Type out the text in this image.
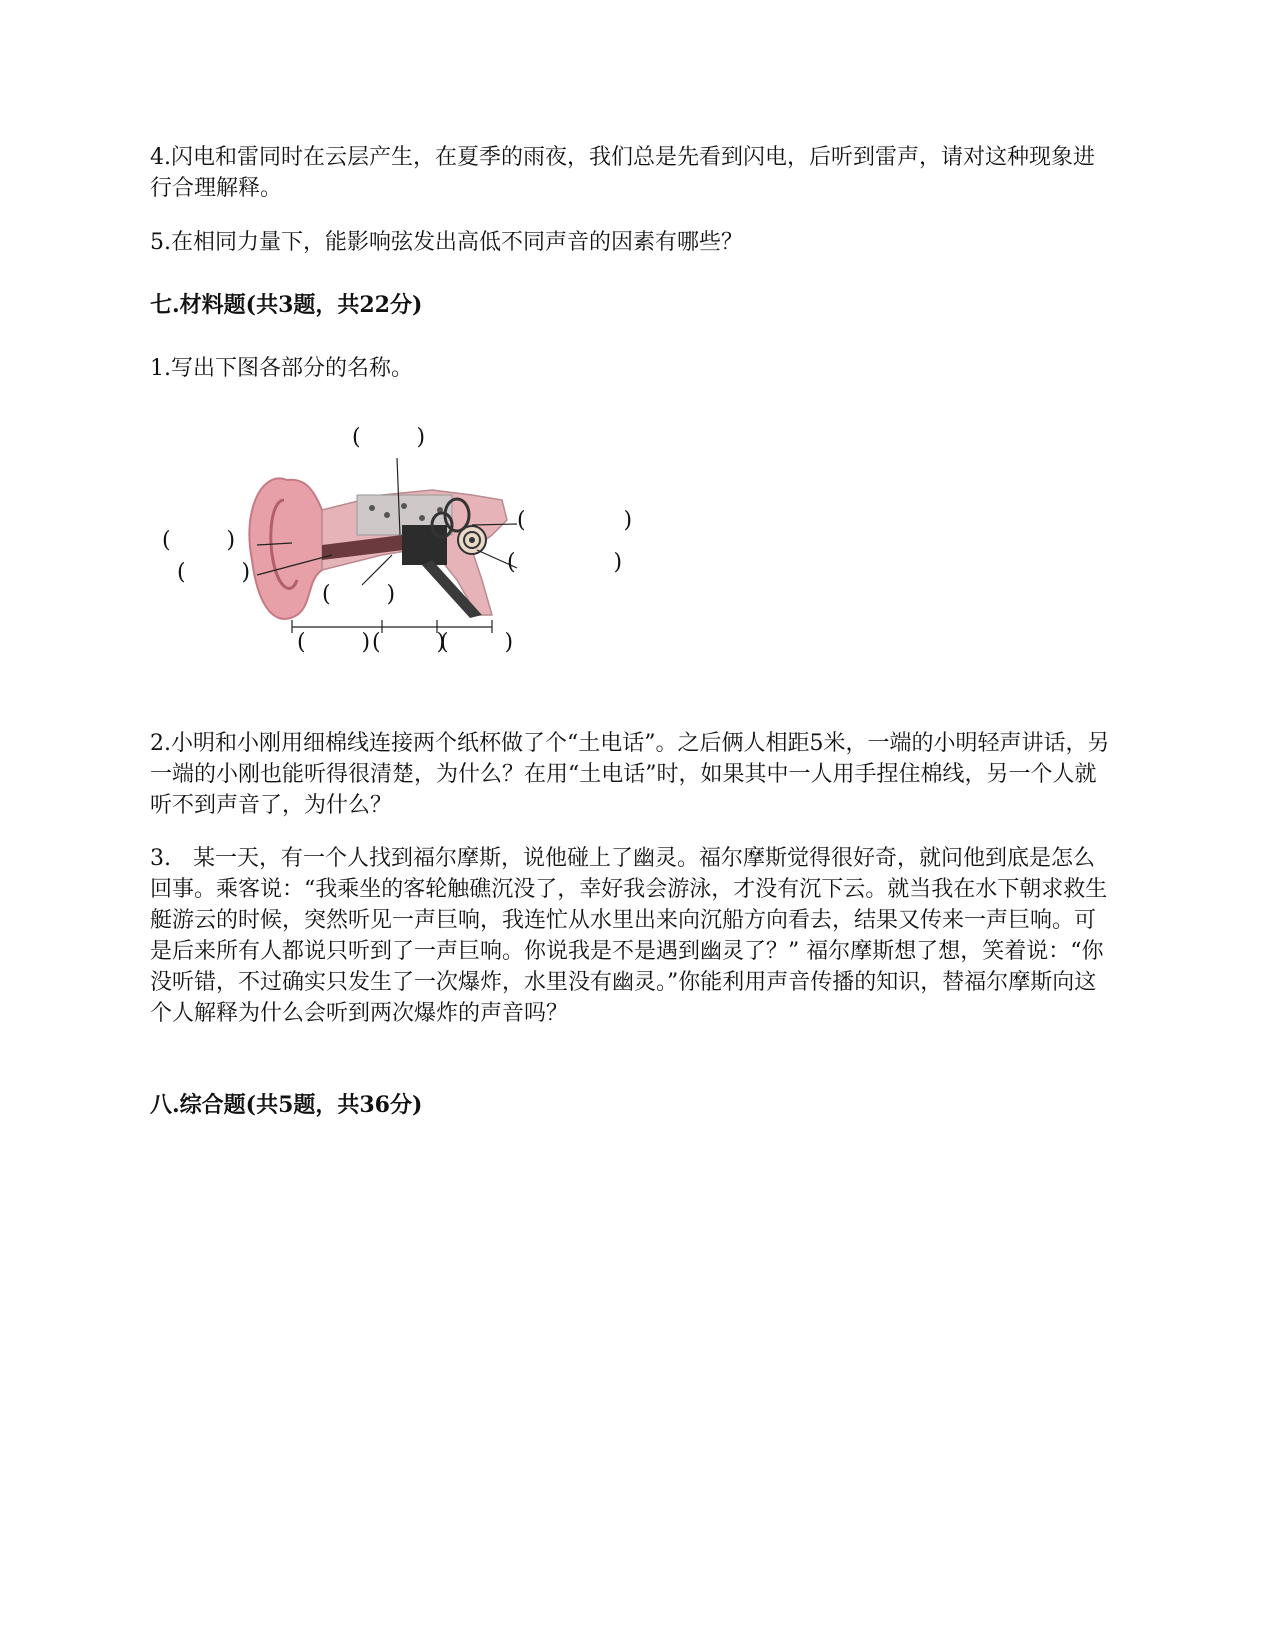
4.闪电和雷同时在云层产生，在夏季的雨夜，我们总是先看到闪电，后听到雷声，请对这种现象进行合理解释。

5.在相同力量下，能影响弦发出高低不同声音的因素有哪些？

七.材料题(共3题，共22分)

1.写出下图各部分的名称。

(        )
(        )
(        )
(              )
(              )
(        )
(        ) (        )
(        )

2.小明和小刚用细棉线连接两个纸杯做了个“土电话”。之后俩人相距5米，一端的小明轻声讲话，另一端的小刚也能听得很清楚，为什么？在用“土电话”时，如果其中一人用手捏住棉线，另一个人就听不到声音了，为什么？

3.　某一天，有一个人找到福尔摩斯，说他碰上了幽灵。福尔摩斯觉得很好奇，就问他到底是怎么回事。乘客说：“我乘坐的客轮触礁沉没了，幸好我会游泳，才没有沉下云。就当我在水下朝求救生艇游云的时候，突然听见一声巨响，我连忙从水里出来向沉船方向看去，结果又传来一声巨响。可是后来所有人都说只听到了一声巨响。你说我是不是遇到幽灵了？” 福尔摩斯想了想，笑着说：“你没听错，不过确实只发生了一次爆炸，水里没有幽灵。”你能利用声音传播的知识，替福尔摩斯向这个人解释为什么会听到两次爆炸的声音吗？

八.综合题(共5题，共36分)
